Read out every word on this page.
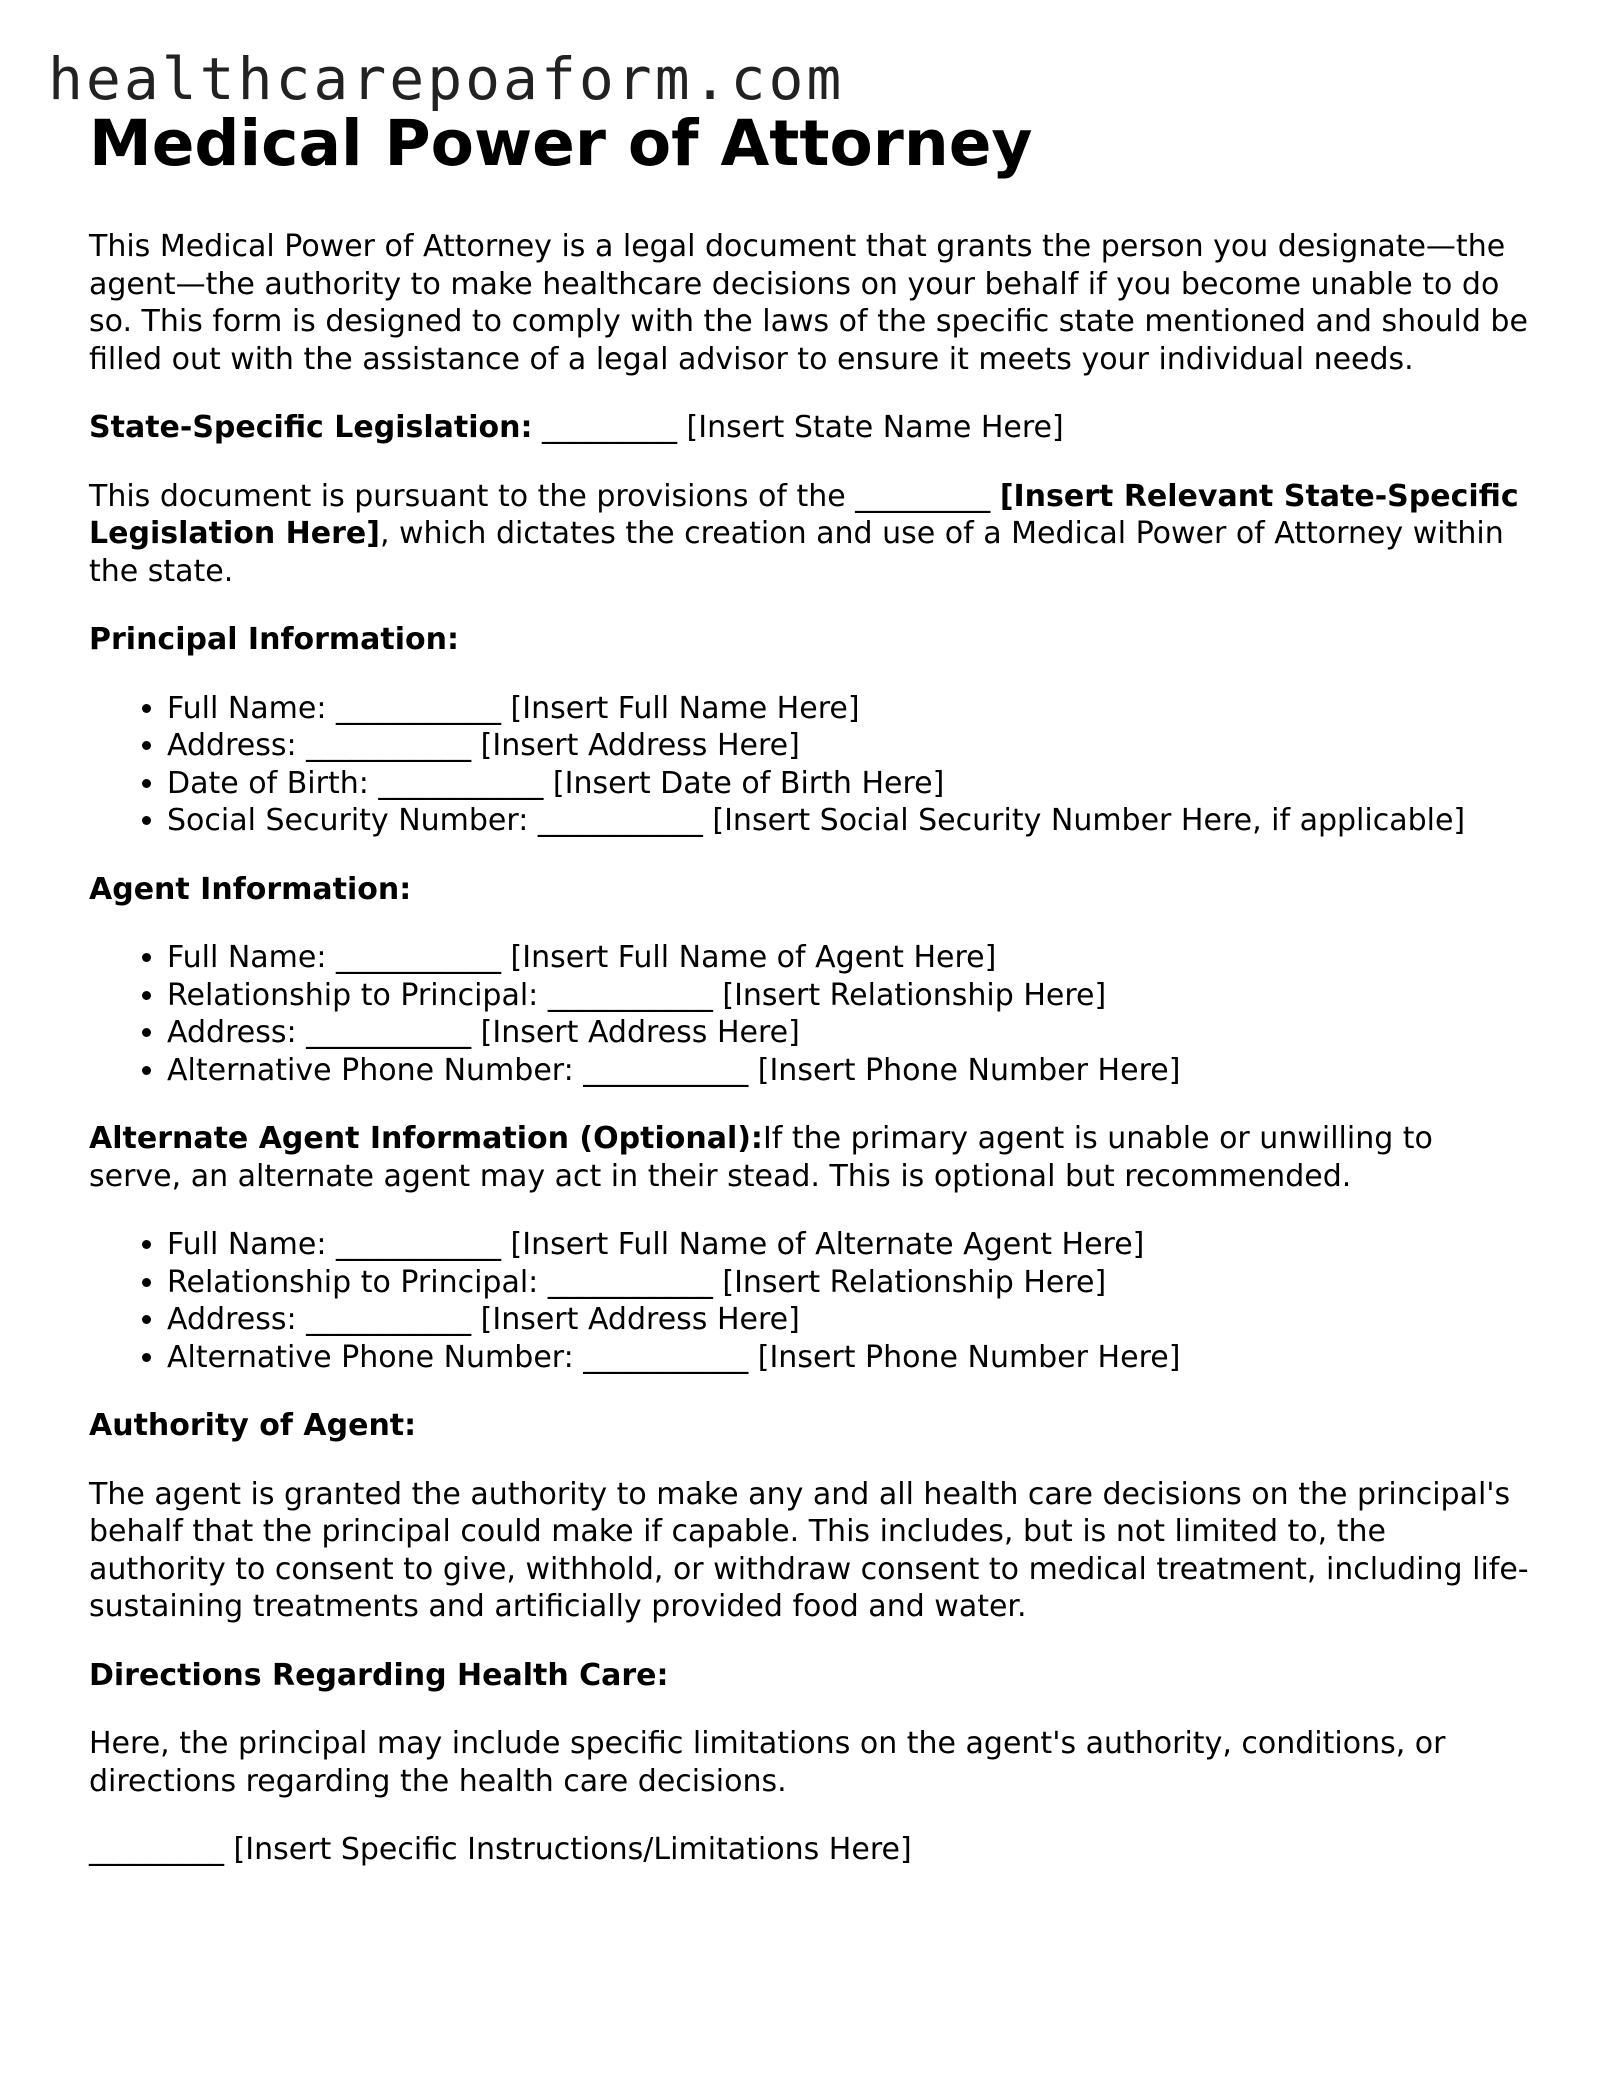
healthcarepoaform.com
Medical Power of Attorney

This Medical Power of Attorney is a legal document that grants the person you designate—the agent—the authority to make healthcare decisions on your behalf if you become unable to do so. This form is designed to comply with the laws of the specific state mentioned and should be filled out with the assistance of a legal advisor to ensure it meets your individual needs.

State-Specific Legislation: _________ [Insert State Name Here]

This document is pursuant to the provisions of the _________ [Insert Relevant State-Specific Legislation Here], which dictates the creation and use of a Medical Power of Attorney within the state.

Principal Information:

• Full Name: ___________ [Insert Full Name Here]
• Address: ___________ [Insert Address Here]
• Date of Birth: ___________ [Insert Date of Birth Here]
• Social Security Number: ___________ [Insert Social Security Number Here, if applicable]

Agent Information:

• Full Name: ___________ [Insert Full Name of Agent Here]
• Relationship to Principal: ___________ [Insert Relationship Here]
• Address: ___________ [Insert Address Here]
• Alternative Phone Number: ___________ [Insert Phone Number Here]

Alternate Agent Information (Optional):If the primary agent is unable or unwilling to serve, an alternate agent may act in their stead. This is optional but recommended.

• Full Name: ___________ [Insert Full Name of Alternate Agent Here]
• Relationship to Principal: ___________ [Insert Relationship Here]
• Address: ___________ [Insert Address Here]
• Alternative Phone Number: ___________ [Insert Phone Number Here]

Authority of Agent:

The agent is granted the authority to make any and all health care decisions on the principal's behalf that the principal could make if capable. This includes, but is not limited to, the authority to consent to give, withhold, or withdraw consent to medical treatment, including life-sustaining treatments and artificially provided food and water.

Directions Regarding Health Care:

Here, the principal may include specific limitations on the agent's authority, conditions, or directions regarding the health care decisions.

_________ [Insert Specific Instructions/Limitations Here]
